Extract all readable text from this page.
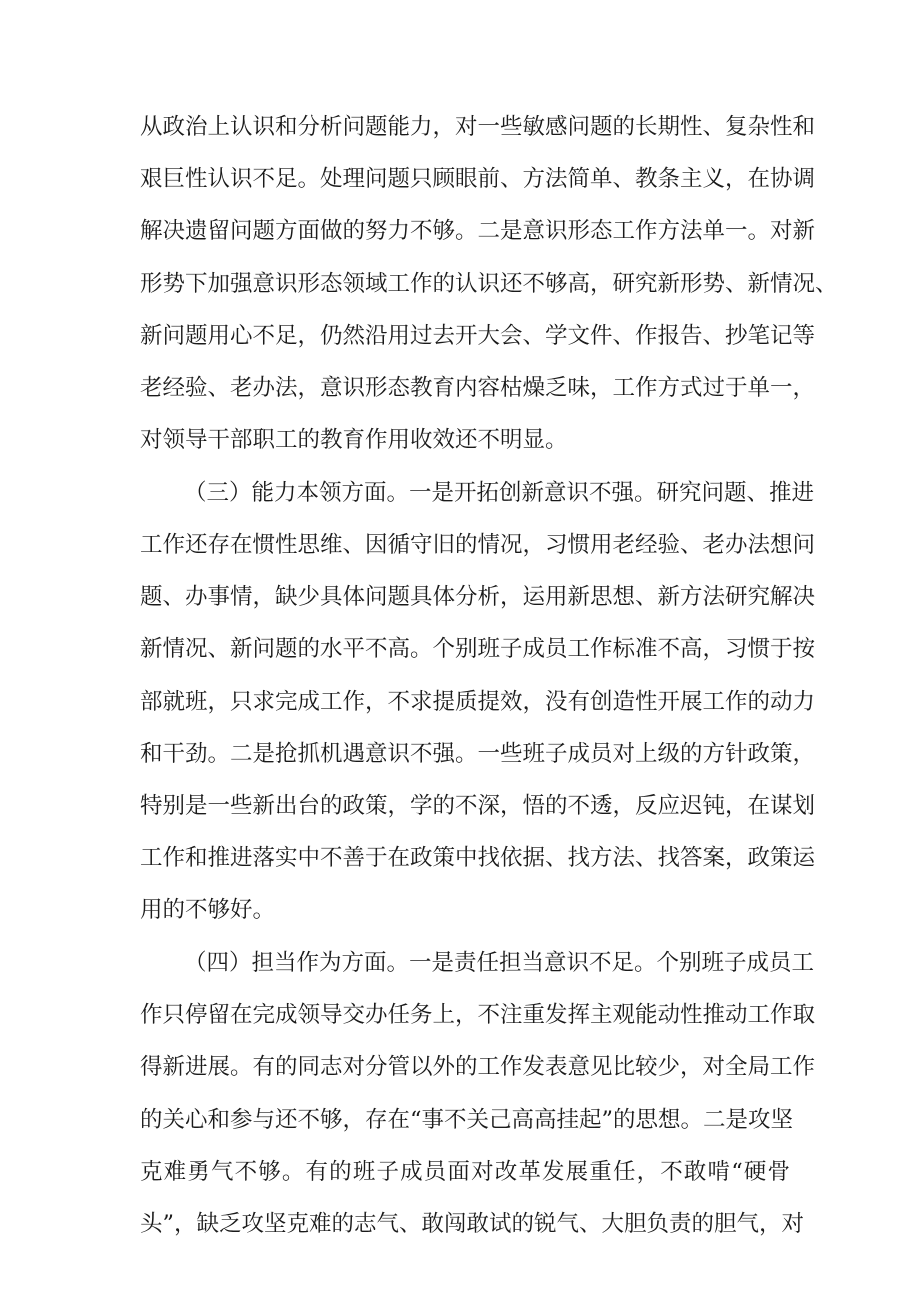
从政治上认识和分析问题能力，对一些敏感问题的长期性、复杂性和

艰巨性认识不足。处理问题只顾眼前、方法简单、教条主义，在协调

解决遗留问题方面做的努力不够。二是意识形态工作方法单一。对新

形势下加强意识形态领域工作的认识还不够高，研究新形势、新情况、

新问题用心不足，仍然沿用过去开大会、学文件、作报告、抄笔记等

老经验、老办法，意识形态教育内容枯燥乏味，工作方式过于单一，

对领导干部职工的教育作用收效还不明显。

（三）能力本领方面。一是开拓创新意识不强。研究问题、推进

工作还存在惯性思维、因循守旧的情况，习惯用老经验、老办法想问

题、办事情，缺少具体问题具体分析，运用新思想、新方法研究解决

新情况、新问题的水平不高。个别班子成员工作标准不高，习惯于按

部就班，只求完成工作，不求提质提效，没有创造性开展工作的动力

和干劲。二是抢抓机遇意识不强。一些班子成员对上级的方针政策，

特别是一些新出台的政策，学的不深，悟的不透，反应迟钝，在谋划

工作和推进落实中不善于在政策中找依据、找方法、找答案，政策运

用的不够好。

（四）担当作为方面。一是责任担当意识不足。个别班子成员工

作只停留在完成领导交办任务上，不注重发挥主观能动性推动工作取

得新进展。有的同志对分管以外的工作发表意见比较少，对全局工作

的关心和参与还不够，存在“事不关己高高挂起”的思想。二是攻坚

克难勇气不够。有的班子成员面对改革发展重任，不敢啃“硬骨

头”，缺乏攻坚克难的志气、敢闯敢试的锐气、大胆负责的胆气，对
